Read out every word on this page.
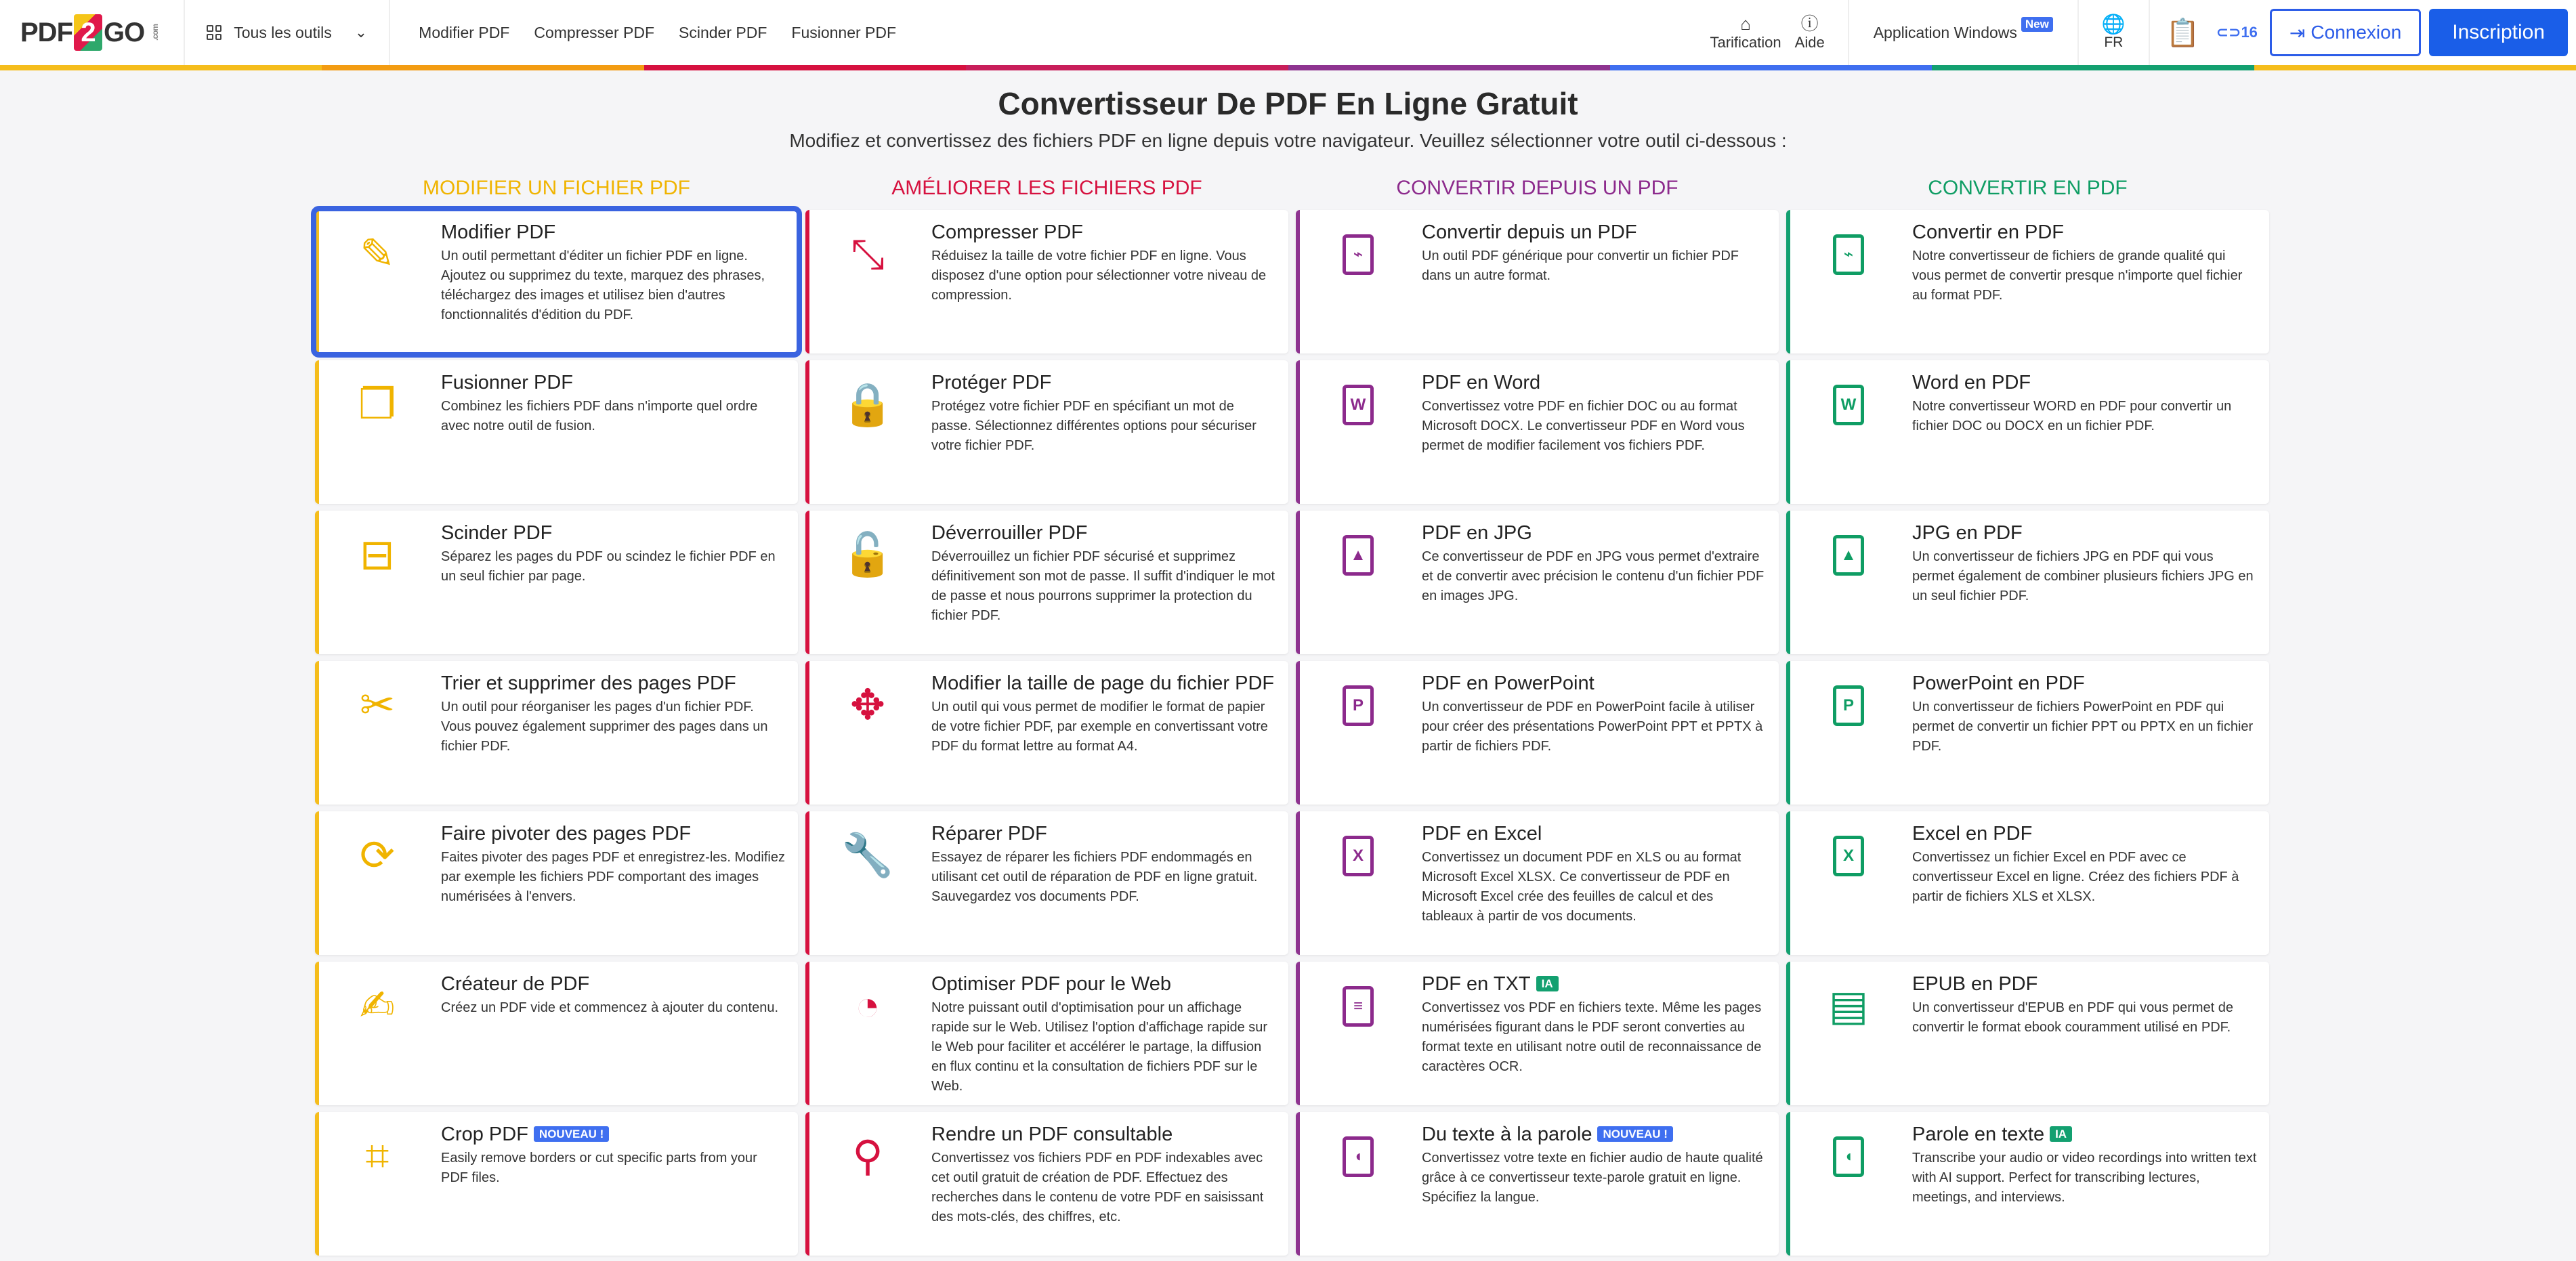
PDF 2 GO .com	Tous les outils ⌄	Modifier PDF Compresser PDF Scinder PDF Fusionner PDF	⌂
Tarification
ⓘ
Aide
Application Windows New	🌐
FR	📋	⊂⊃16	⇥ Connexion	Inscription
Convertisseur De PDF En Ligne Gratuit

Modifiez et convertissez des fichiers PDF en ligne depuis votre navigateur. Veuillez sélectionner votre outil ci-dessous :

MODIFIER UN FICHIER PDF
✎	Modifier PDF

Un outil permettant d'éditer un fichier PDF en ligne. Ajoutez ou supprimez du texte, marquez des phrases, téléchargez des images et utilisez bien d'autres fonctionnalités d'édition du PDF.

❐	Fusionner PDF

Combinez les fichiers PDF dans n'importe quel ordre avec notre outil de fusion.

⊟	Scinder PDF

Séparez les pages du PDF ou scindez le fichier PDF en un seul fichier par page.

✂	Trier et supprimer des pages PDF

Un outil pour réorganiser les pages d'un fichier PDF. Vous pouvez également supprimer des pages dans un fichier PDF.

⟳	Faire pivoter des pages PDF

Faites pivoter des pages PDF et enregistrez-les. Modifiez par exemple les fichiers PDF comportant des images numérisées à l'envers.

✍	Créateur de PDF

Créez un PDF vide et commencez à ajouter du contenu.

⌗	Crop PDF NOUVEAU !

Easily remove borders or cut specific parts from your PDF files.

AMÉLIORER LES FICHIERS PDF
⤡	Compresser PDF

Réduisez la taille de votre fichier PDF en ligne. Vous disposez d'une option pour sélectionner votre niveau de compression.

🔒 Protéger PDF

Protégez votre fichier PDF en spécifiant un mot de passe. Sélectionnez différentes options pour sécuriser votre fichier PDF.

🔓 Déverrouiller PDF

Déverrouillez un fichier PDF sécurisé et supprimez définitivement son mot de passe. Il suffit d'indiquer le mot de passe et nous pourrons supprimer la protection du fichier PDF.

✥	Modifier la taille de page du fichier PDF

Un outil qui vous permet de modifier le format de papier de votre fichier PDF, par exemple en convertissant votre PDF du format lettre au format A4.

🔧 Réparer PDF

Essayez de réparer les fichiers PDF endommagés en utilisant cet outil de réparation de PDF en ligne gratuit. Sauvegardez vos documents PDF.

◔	Optimiser PDF pour le Web

Notre puissant outil d'optimisation pour un affichage rapide sur le Web. Utilisez l'option d'affichage rapide sur le Web pour faciliter et accélérer le partage, la diffusion en flux continu et la consultation de fichiers PDF sur le Web.

⚲	Rendre un PDF consultable

Convertissez vos fichiers PDF en PDF indexables avec cet outil gratuit de création de PDF. Effectuez des recherches dans le contenu de votre PDF en saisissant des mots-clés, des chiffres, etc.

CONVERTIR DEPUIS UN PDF
⌁
Convertir depuis un PDF

Un outil PDF générique pour convertir un fichier PDF dans un autre format.

W
PDF en Word

Convertissez votre PDF en fichier DOC ou au format Microsoft DOCX. Le convertisseur PDF en Word vous permet de modifier facilement vos fichiers PDF.

▲
PDF en JPG

Ce convertisseur de PDF en JPG vous permet d'extraire et de convertir avec précision le contenu d'un fichier PDF en images JPG.

P
PDF en PowerPoint

Un convertisseur de PDF en PowerPoint facile à utiliser pour créer des présentations PowerPoint PPT et PPTX à partir de fichiers PDF.

X
PDF en Excel

Convertissez un document PDF en XLS ou au format Microsoft Excel XLSX. Ce convertisseur de PDF en Microsoft Excel crée des feuilles de calcul et des tableaux à partir de vos documents.

≡
PDF en TXT IA

Convertissez vos PDF en fichiers texte. Même les pages numérisées figurant dans le PDF seront converties au format texte en utilisant notre outil de reconnaissance de caractères OCR.

◖
Du texte à la parole NOUVEAU !

Convertissez votre texte en fichier audio de haute qualité grâce à ce convertisseur texte-parole gratuit en ligne. Spécifiez la langue.

CONVERTIR EN PDF
⌁
Convertir en PDF

Notre convertisseur de fichiers de grande qualité qui vous permet de convertir presque n'importe quel fichier au format PDF.

W
Word en PDF

Notre convertisseur WORD en PDF pour convertir un fichier DOC ou DOCX en un fichier PDF.

▲
JPG en PDF

Un convertisseur de fichiers JPG en PDF qui vous permet également de combiner plusieurs fichiers JPG en un seul fichier PDF.

P
PowerPoint en PDF

Un convertisseur de fichiers PowerPoint en PDF qui permet de convertir un fichier PPT ou PPTX en un fichier PDF.

X
Excel en PDF

Convertissez un fichier Excel en PDF avec ce convertisseur Excel en ligne. Créez des fichiers PDF à partir de fichiers XLS et XLSX.

▤	EPUB en PDF

Un convertisseur d'EPUB en PDF qui vous permet de convertir le format ebook couramment utilisé en PDF.

◖
Parole en texte IA

Transcribe your audio or video recordings into written text with AI support. Perfect for transcribing lectures, meetings, and interviews.
